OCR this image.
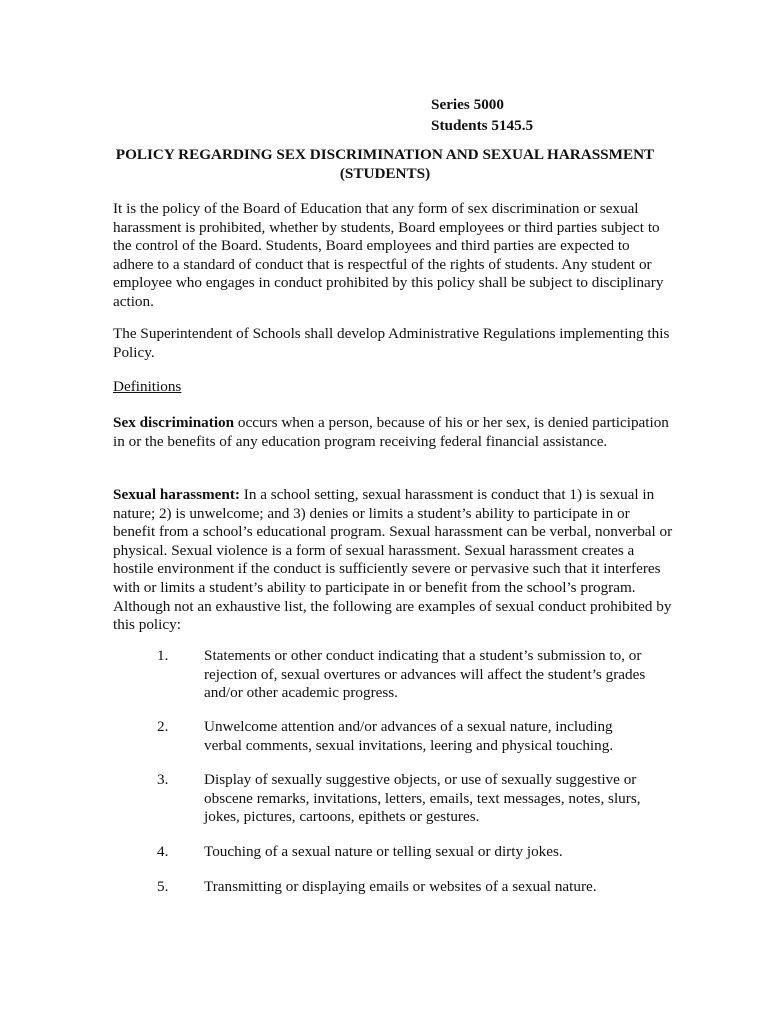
Series 5000
Students 5145.5
POLICY REGARDING SEX DISCRIMINATION AND SEXUAL HARASSMENT
(STUDENTS)

It is the policy of the Board of Education that any form of sex discrimination or sexual harassment is prohibited, whether by students, Board employees or third parties subject to the control of the Board. Students, Board employees and third parties are expected to adhere to a standard of conduct that is respectful of the rights of students. Any student or employee who engages in conduct prohibited by this policy shall be subject to disciplinary action.

The Superintendent of Schools shall develop Administrative Regulations implementing this Policy.

Definitions

Sex discrimination occurs when a person, because of his or her sex, is denied participation in or the benefits of any education program receiving federal financial assistance.

Sexual harassment: In a school setting, sexual harassment is conduct that 1) is sexual in nature; 2) is unwelcome; and 3) denies or limits a student’s ability to participate in or benefit from a school’s educational program. Sexual harassment can be verbal, nonverbal or physical. Sexual violence is a form of sexual harassment. Sexual harassment creates a hostile environment if the conduct is sufficiently severe or pervasive such that it interferes with or limits a student’s ability to participate in or benefit from the school’s program. Although not an exhaustive list, the following are examples of sexual conduct prohibited by this policy:

1.	Statements or other conduct indicating that a student’s submission to, or rejection of, sexual overtures or advances will affect the student’s grades and/or other academic progress.
2.	Unwelcome attention and/or advances of a sexual nature, including verbal comments, sexual invitations, leering and physical touching.
3.	Display of sexually suggestive objects, or use of sexually suggestive or obscene remarks, invitations, letters, emails, text messages, notes, slurs, jokes, pictures, cartoons, epithets or gestures.
4.	Touching of a sexual nature or telling sexual or dirty jokes.
5.	Transmitting or displaying emails or websites of a sexual nature.
